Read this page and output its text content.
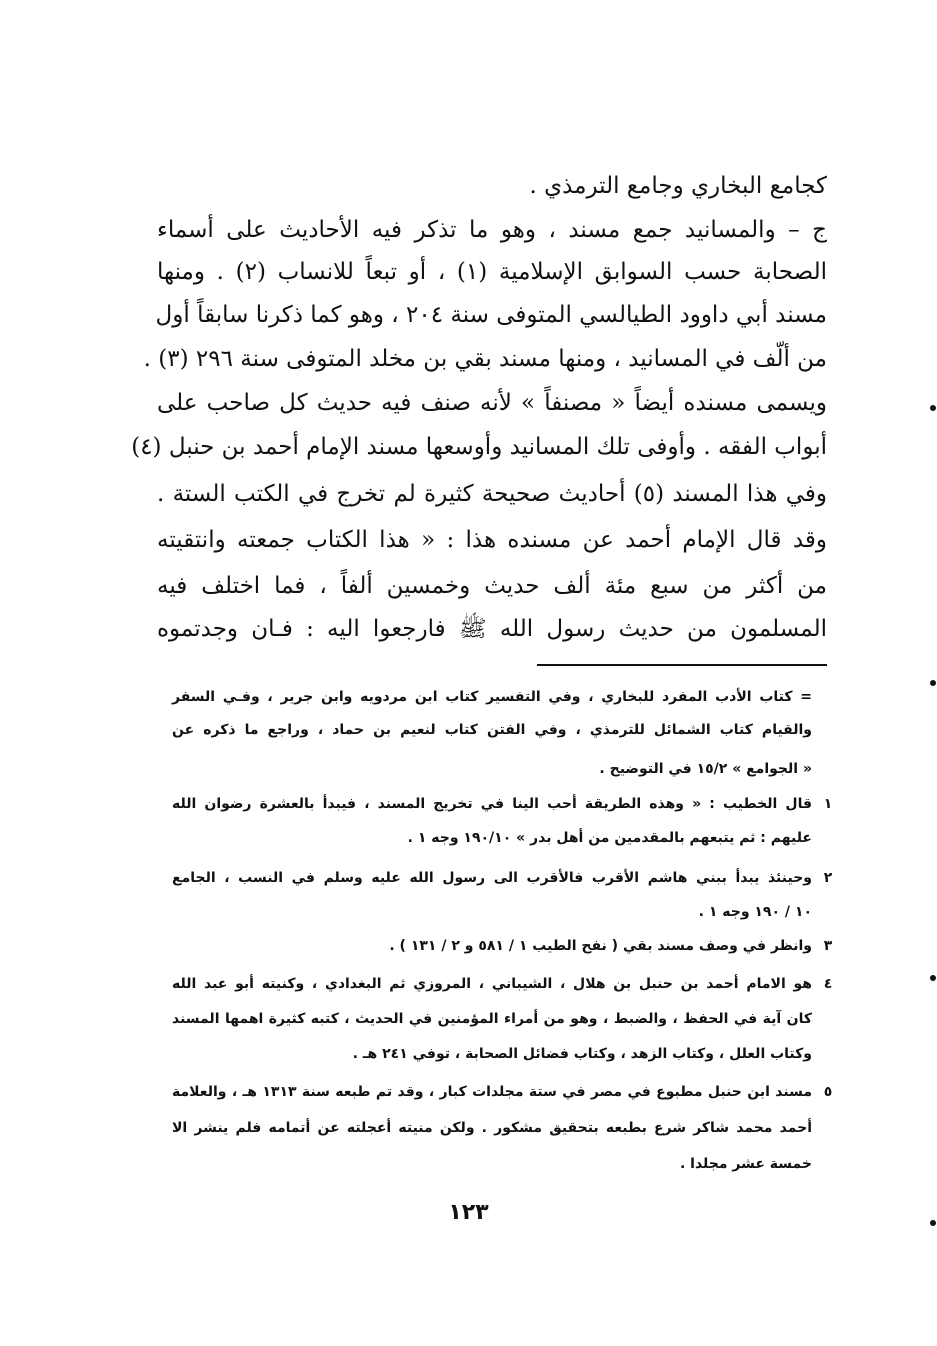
كجامع البخاري وجامع الترمذي .
ج – والمسانيد جمع مسند ، وهو ما تذكر فيه الأحاديث على أسماء
الصحابة حسب السوابق الإسلامية (١) ، أو تبعاً للانساب (٢) . ومنها
مسند أبي داوود الطيالسي المتوفى سنة ٢٠٤ ، وهو كما ذكرنا سابقاً أول
من ألّف في المسانيد ، ومنها مسند بقي بن مخلد المتوفى سنة ٢٩٦ (٣) .
ويسمى مسنده أيضاً « مصنفاً » لأنه صنف فيه حديث كل صاحب على
أبواب الفقه . وأوفى تلك المسانيد وأوسعها مسند الإمام أحمد بن حنبل (٤)
وفي هذا المسند (٥) أحاديث صحيحة كثيرة لم تخرج في الكتب الستة .
وقد قال الإمام أحمد عن مسنده هذا : « هذا الكتاب جمعته وانتقيته
من أكثر من سبع مئة ألف حديث وخمسين ألفاً ، فما اختلف فيه
المسلمون من حديث رسول الله ﷺ فارجعوا اليه : فـان وجدتموه
= كتاب الأدب المفرد للبخاري ، وفي التفسير كتاب ابن مردويه وابن جرير ، وفـي السفر
والقيام كتاب الشمائل للترمذي ، وفي الفتن كتاب لنعيم بن حماد ، وراجع ما ذكره عن
« الجوامع » ١٥/٢ في التوضيح .
١
قال الخطيب : « وهذه الطريقة أحب الينا في تخريج المسند ، فيبدأ بالعشرة رضوان الله
عليهم : ثم يتبعهم بالمقدمين من أهل بدر » ١٩٠/١٠ وجه ١ .
٢
وحينئذ يبدأ ببني هاشم الأقرب فالأقرب الى رسول الله عليه وسلم في النسب ، الجامع
١٠ / ١٩٠ وجه ١ .
٣
وانظر في وصف مسند بقي ( نفح الطيب ١ / ٥٨١ و ٢ / ١٣١ ) .
٤
هو الامام أحمد بن حنبل بن هلال ، الشيباني ، المروزي ثم البغدادي ، وكنيته أبو عبد الله
كان آية في الحفظ ، والضبط ، وهو من أمراء المؤمنين في الحديث ، كتبه كثيرة اهمها المسند
وكتاب العلل ، وكتاب الزهد ، وكتاب فضائل الصحابة ، توفي ٢٤١ هـ .
٥
مسند ابن حنبل مطبوع في مصر في ستة مجلدات كبار ، وقد تم طبعه سنة ١٣١٣ هـ ، والعلامة
أحمد محمد شاكر شرع بطبعه بتحقيق مشكور . ولكن منيته أعجلته عن أتمامه فلم ينشر الا
خمسة عشر مجلدا .
١٢٣
